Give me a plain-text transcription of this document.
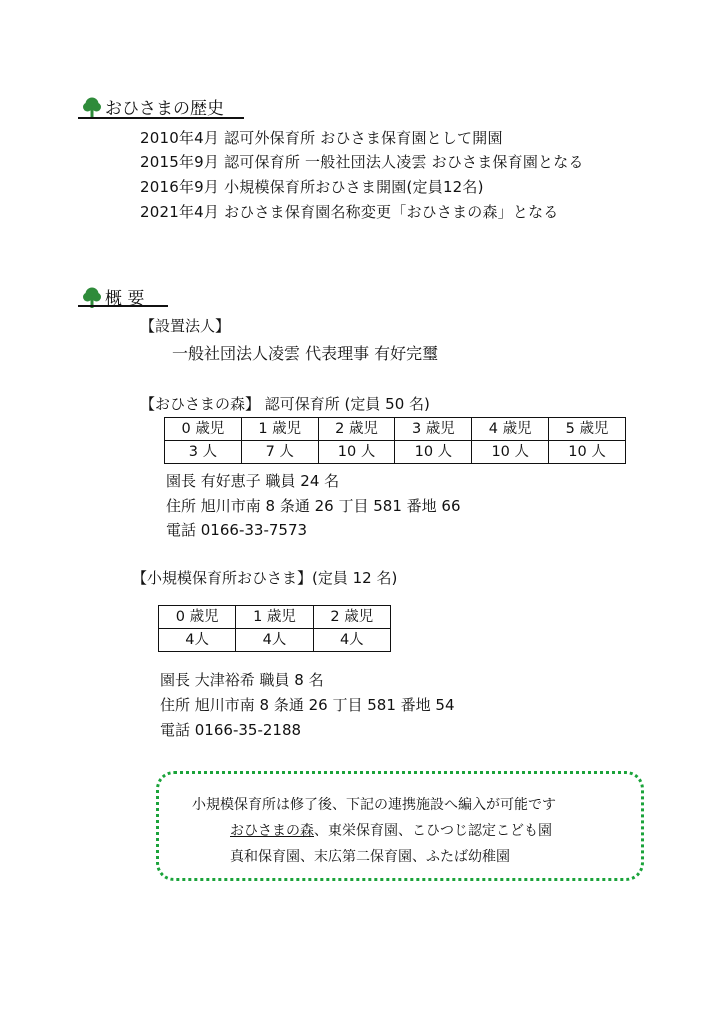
おひさまの歴史
2010年4月 認可外保育所 おひさま保育園として開園
2015年9月 認可保育所 一般社団法人凌雲 おひさま保育園となる
2016年9月 小規模保育所おひさま開園(定員12名)
2021年4月 おひさま保育園名称変更「おひさまの森」となる
概 要
【設置法人】
一般社団法人凌雲 代表理事 有好完璽
【おひさまの森】 認可保育所 (定員 50 名)
0 歳児	1 歳児	2 歳児	3 歳児	4 歳児	5 歳児
3 人	7 人	10 人	10 人	10 人	10 人
園長 有好恵子 職員 24 名
住所 旭川市南 8 条通 26 丁目 581 番地 66
電話 0166-33-7573
【小規模保育所おひさま】(定員 12 名)
0 歳児	1 歳児	2 歳児
4人	4人	4人
園長 大津裕希 職員 8 名
住所 旭川市南 8 条通 26 丁目 581 番地 54
電話 0166-35-2188
小規模保育所は修了後、下記の連携施設へ編入が可能です
おひさまの森、東栄保育園、こひつじ認定こども園
真和保育園、末広第二保育園、ふたば幼稚園
